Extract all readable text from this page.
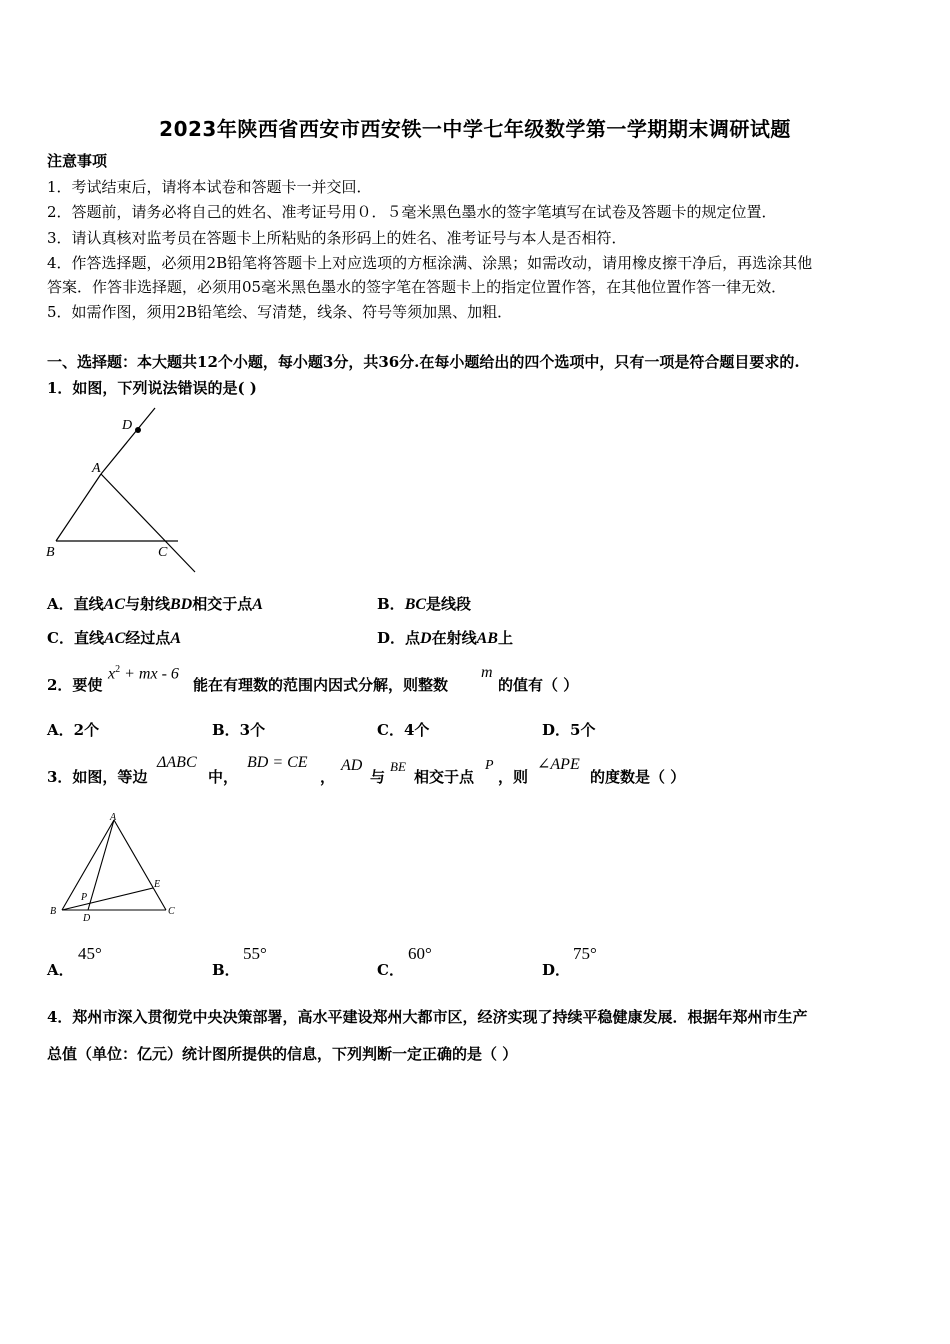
2023年陕西省西安市西安铁一中学七年级数学第一学期期末调研试题
注意事项
1．考试结束后，请将本试卷和答题卡一并交回．
2．答题前，请务必将自己的姓名、准考证号用０．５毫米黑色墨水的签字笔填写在试卷及答题卡的规定位置．
3．请认真核对监考员在答题卡上所粘贴的条形码上的姓名、准考证号与本人是否相符．
4．作答选择题，必须用2B铅笔将答题卡上对应选项的方框涂满、涂黑；如需改动，请用橡皮擦干净后，再选涂其他
答案．作答非选择题，必须用05毫米黑色墨水的签字笔在答题卡上的指定位置作答，在其他位置作答一律无效．
5．如需作图，须用2B铅笔绘、写清楚，线条、符号等须加黑、加粗．
一、选择题：本大题共12个小题，每小题3分，共36分.在每小题给出的四个选项中，只有一项是符合题目要求的.
1．如图，下列说法错误的是( )
D
A
B	C
A．直线AC与射线BD相交于点A	B．BC是线段
C．直线AC经过点A	D．点D在射线AB上
2．要使
$x^2$ + mx - 6
能在有理数的范围内因式分解，则整数
m
的值有（ ）
A．2个	B．3个	C．4个	D．5个
3．如图，等边
ΔABC
中，
BD = CE
，
AD
与
BE
相交于点
P
，则
∠APE
的度数是（ ）
A
B
D
P
E
C
A．
45°
B．
55°
C．
60°
D．
75°
4．郑州市深入贯彻党中央决策部署，高水平建设郑州大都市区，经济实现了持续平稳健康发展．根据年郑州市生产
总值（单位：亿元）统计图所提供的信息，下列判断一定正确的是（ ）
